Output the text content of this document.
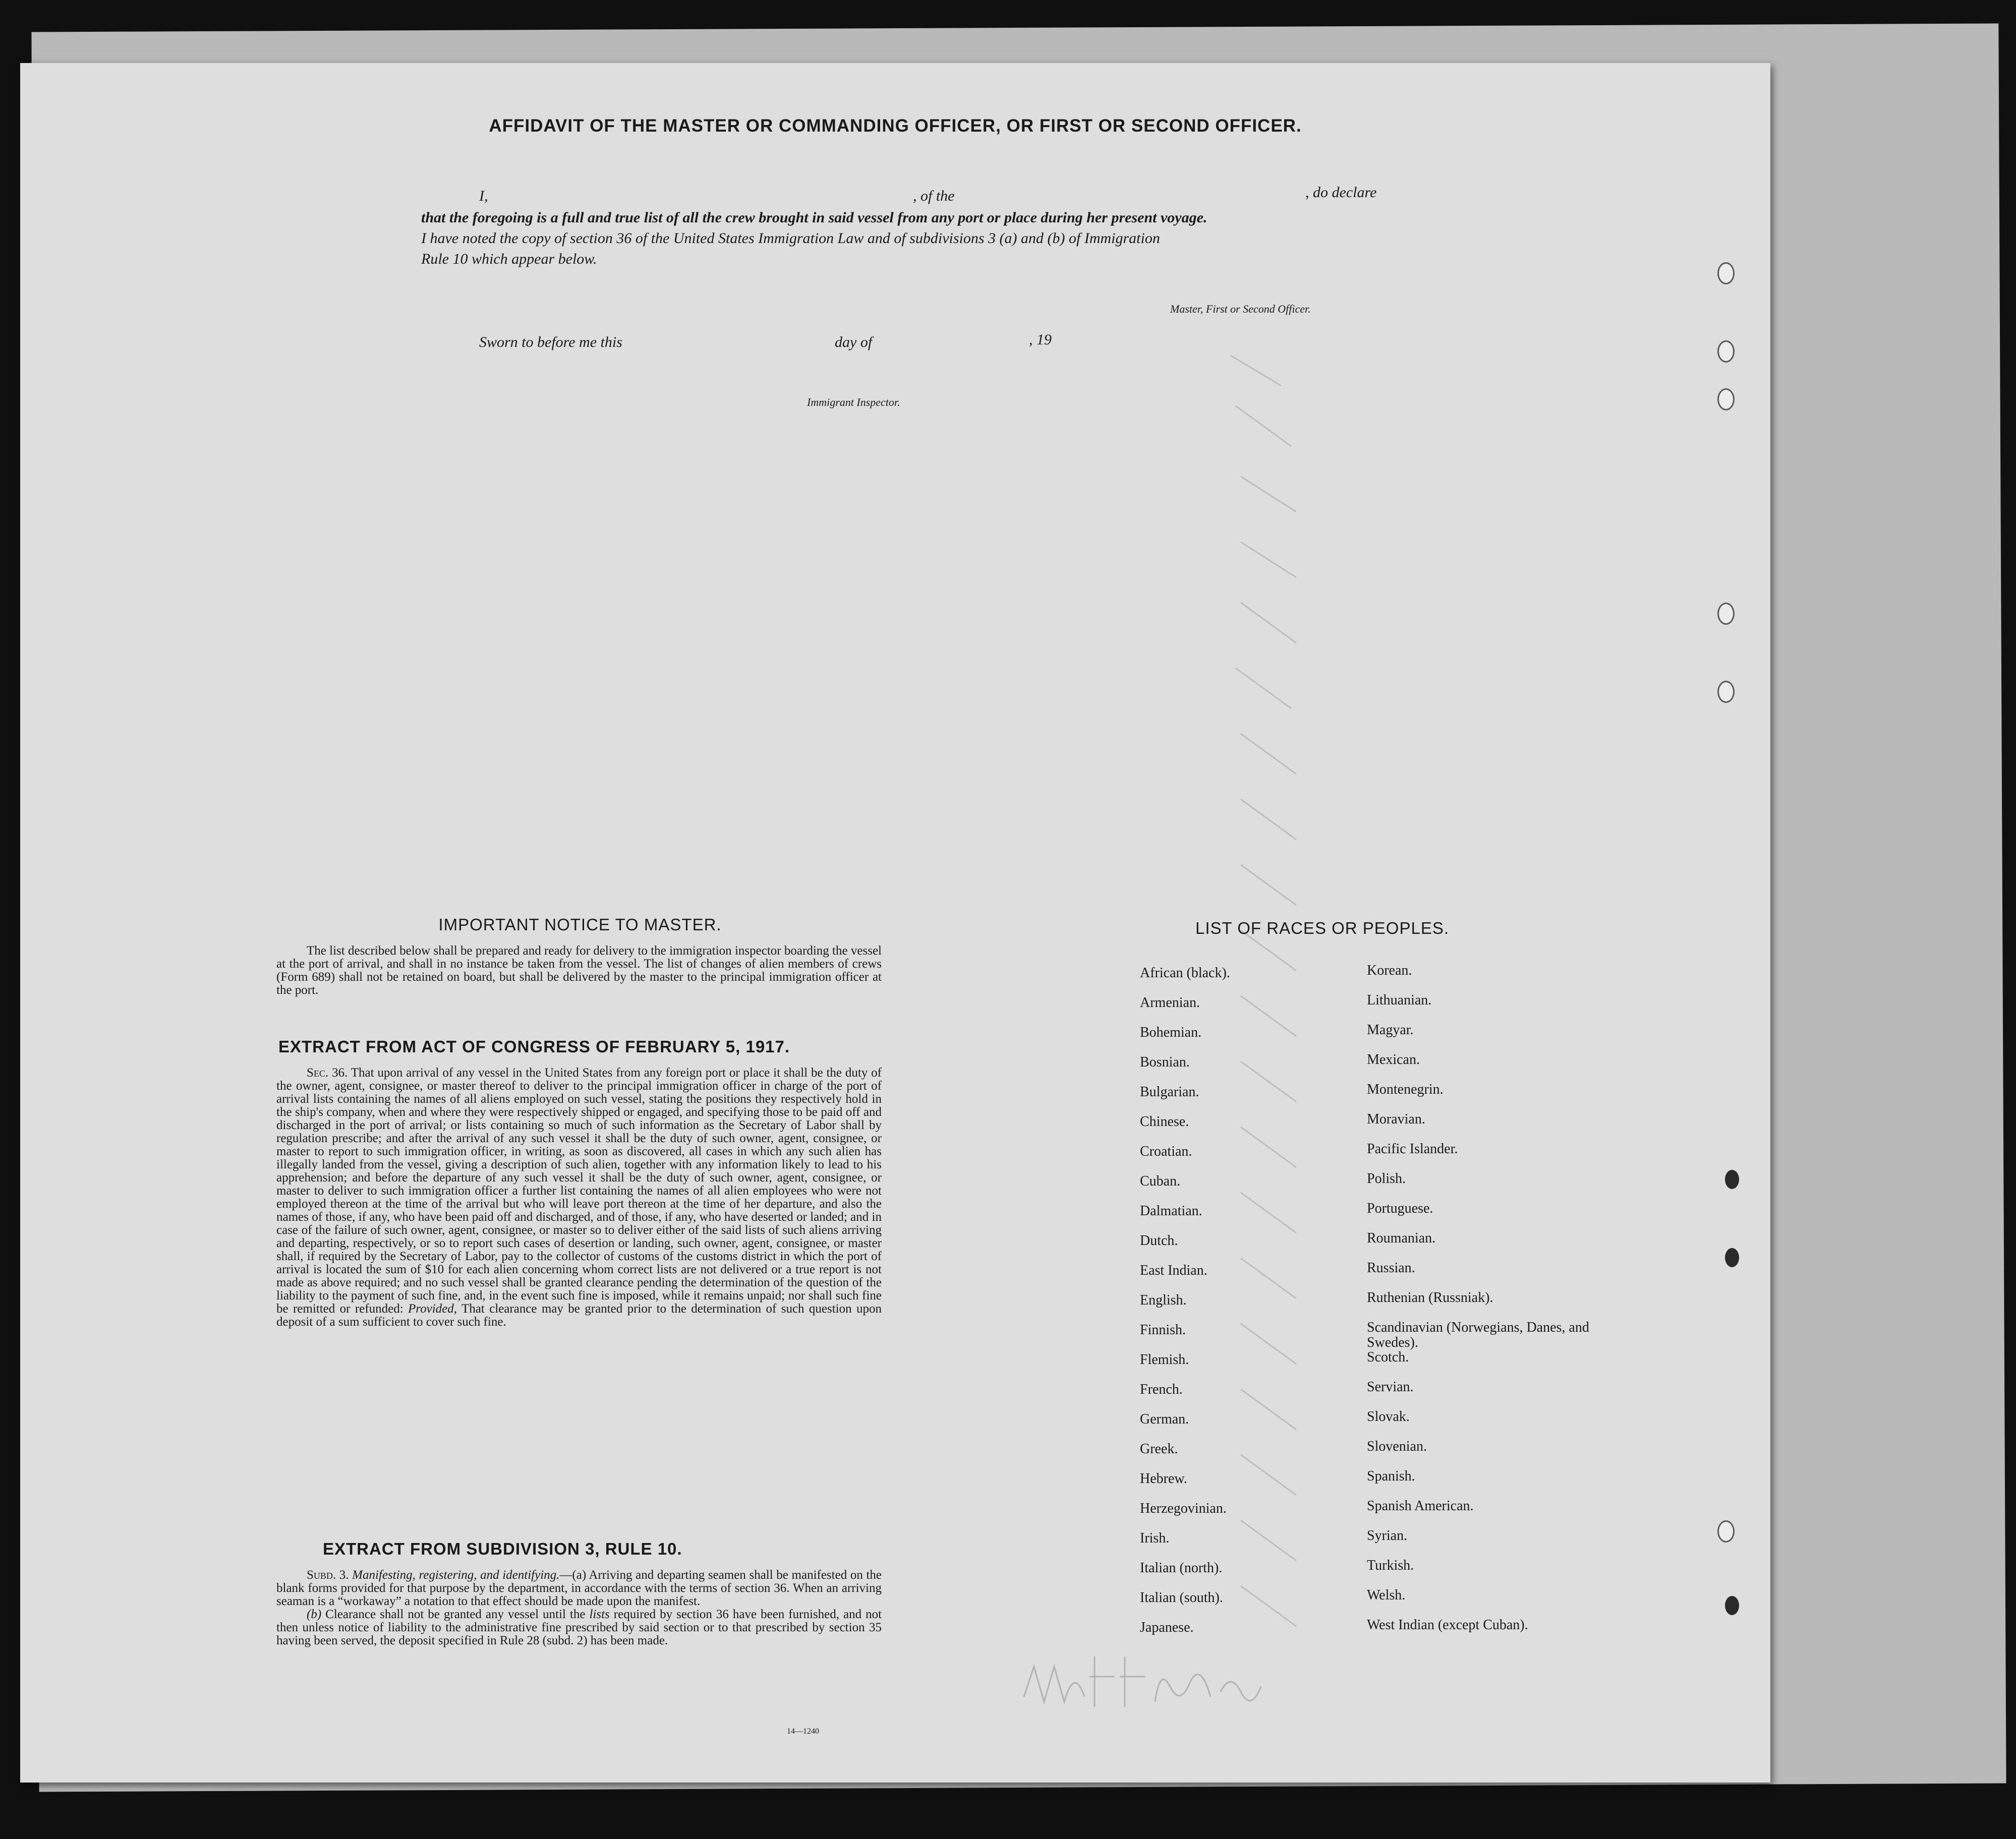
AFFIDAVIT OF THE MASTER OR COMMANDING OFFICER, OR FIRST OR SECOND OFFICER.
I,	, of the	, do declare
that the foregoing is a full and true list of all the crew brought in said vessel from any port or place during her present voyage.
I have noted the copy of section 36 of the United States Immigration Law and of subdivisions 3 (a) and (b) of Immigration
Rule 10 which appear below.
Master, First or Second Officer.
Sworn to before me this	day of	, 19
Immigrant Inspector.
IMPORTANT NOTICE TO MASTER.
The list described below shall be prepared and ready for delivery to the immigration inspector boarding the vessel at the port of arrival, and shall in no instance be taken from the vessel. The list of changes of alien members of crews (Form 689) shall not be retained on board, but shall be delivered by the master to the principal immigration officer at the port.
EXTRACT FROM ACT OF CONGRESS OF FEBRUARY 5, 1917.

Sec. 36. That upon arrival of any vessel in the United States from any foreign port or place it shall be the duty of the owner, agent, consignee, or master thereof to deliver to the principal immigration officer in charge of the port of arrival lists containing the names of all aliens employed on such vessel, stating the positions they respectively hold in the ship's company, when and where they were respectively shipped or engaged, and specifying those to be paid off and discharged in the port of arrival; or lists containing so much of such information as the Secretary of Labor shall by regulation prescribe; and after the arrival of any such vessel it shall be the duty of such owner, agent, consignee, or master to report to such immigration officer, in writing, as soon as discovered, all cases in which any such alien has illegally landed from the vessel, giving a description of such alien, together with any information likely to lead to his apprehension; and before the departure of any such vessel it shall be the duty of such owner, agent, consignee, or master to deliver to such immigration officer a further list containing the names of all alien employees who were not employed thereon at the time of the arrival but who will leave port thereon at the time of her departure, and also the names of those, if any, who have been paid off and discharged, and of those, if any, who have deserted or landed; and in case of the failure of such owner, agent, consignee, or master so to deliver either of the said lists of such aliens arriving and departing, respectively, or so to report such cases of desertion or landing, such owner, agent, consignee, or master shall, if required by the Secretary of Labor, pay to the collector of customs of the customs district in which the port of arrival is located the sum of $10 for each alien concerning whom correct lists are not delivered or a true report is not made as above required; and no such vessel shall be granted clearance pending the determination of the question of the liability to the payment of such fine, and, in the event such fine is imposed, while it remains unpaid; nor shall such fine be remitted or refunded: Provided, That clearance may be granted prior to the determination of such question upon deposit of a sum sufficient to cover such fine.

EXTRACT FROM SUBDIVISION 3, RULE 10.

Subd. 3. Manifesting, registering, and identifying.—(a) Arriving and departing seamen shall be manifested on the blank forms provided for that purpose by the department, in accordance with the terms of section 36. When an arriving seaman is a “workaway” a notation to that effect should be made upon the manifest.

(b) Clearance shall not be granted any vessel until the lists required by section 36 have been furnished, and not then unless notice of liability to the administrative fine prescribed by said section or to that prescribed by section 35 having been served, the deposit specified in Rule 28 (subd. 2) has been made.

14—1240
LIST OF RACES OR PEOPLES.
African (black).
Armenian.
Bohemian.
Bosnian.
Bulgarian.
Chinese.
Croatian.
Cuban.
Dalmatian.
Dutch.
East Indian.
English.
Finnish.
Flemish.
French.
German.
Greek.
Hebrew.
Herzegovinian.
Irish.
Italian (north).
Italian (south).
Japanese.
Korean.
Lithuanian.
Magyar.
Mexican.
Montenegrin.
Moravian.
Pacific Islander.
Polish.
Portuguese.
Roumanian.
Russian.
Ruthenian (Russniak).
Scandinavian (Norwegians, Danes, and Swedes).
Scotch.
Servian.
Slovak.
Slovenian.
Spanish.
Spanish American.
Syrian.
Turkish.
Welsh.
West Indian (except Cuban).
